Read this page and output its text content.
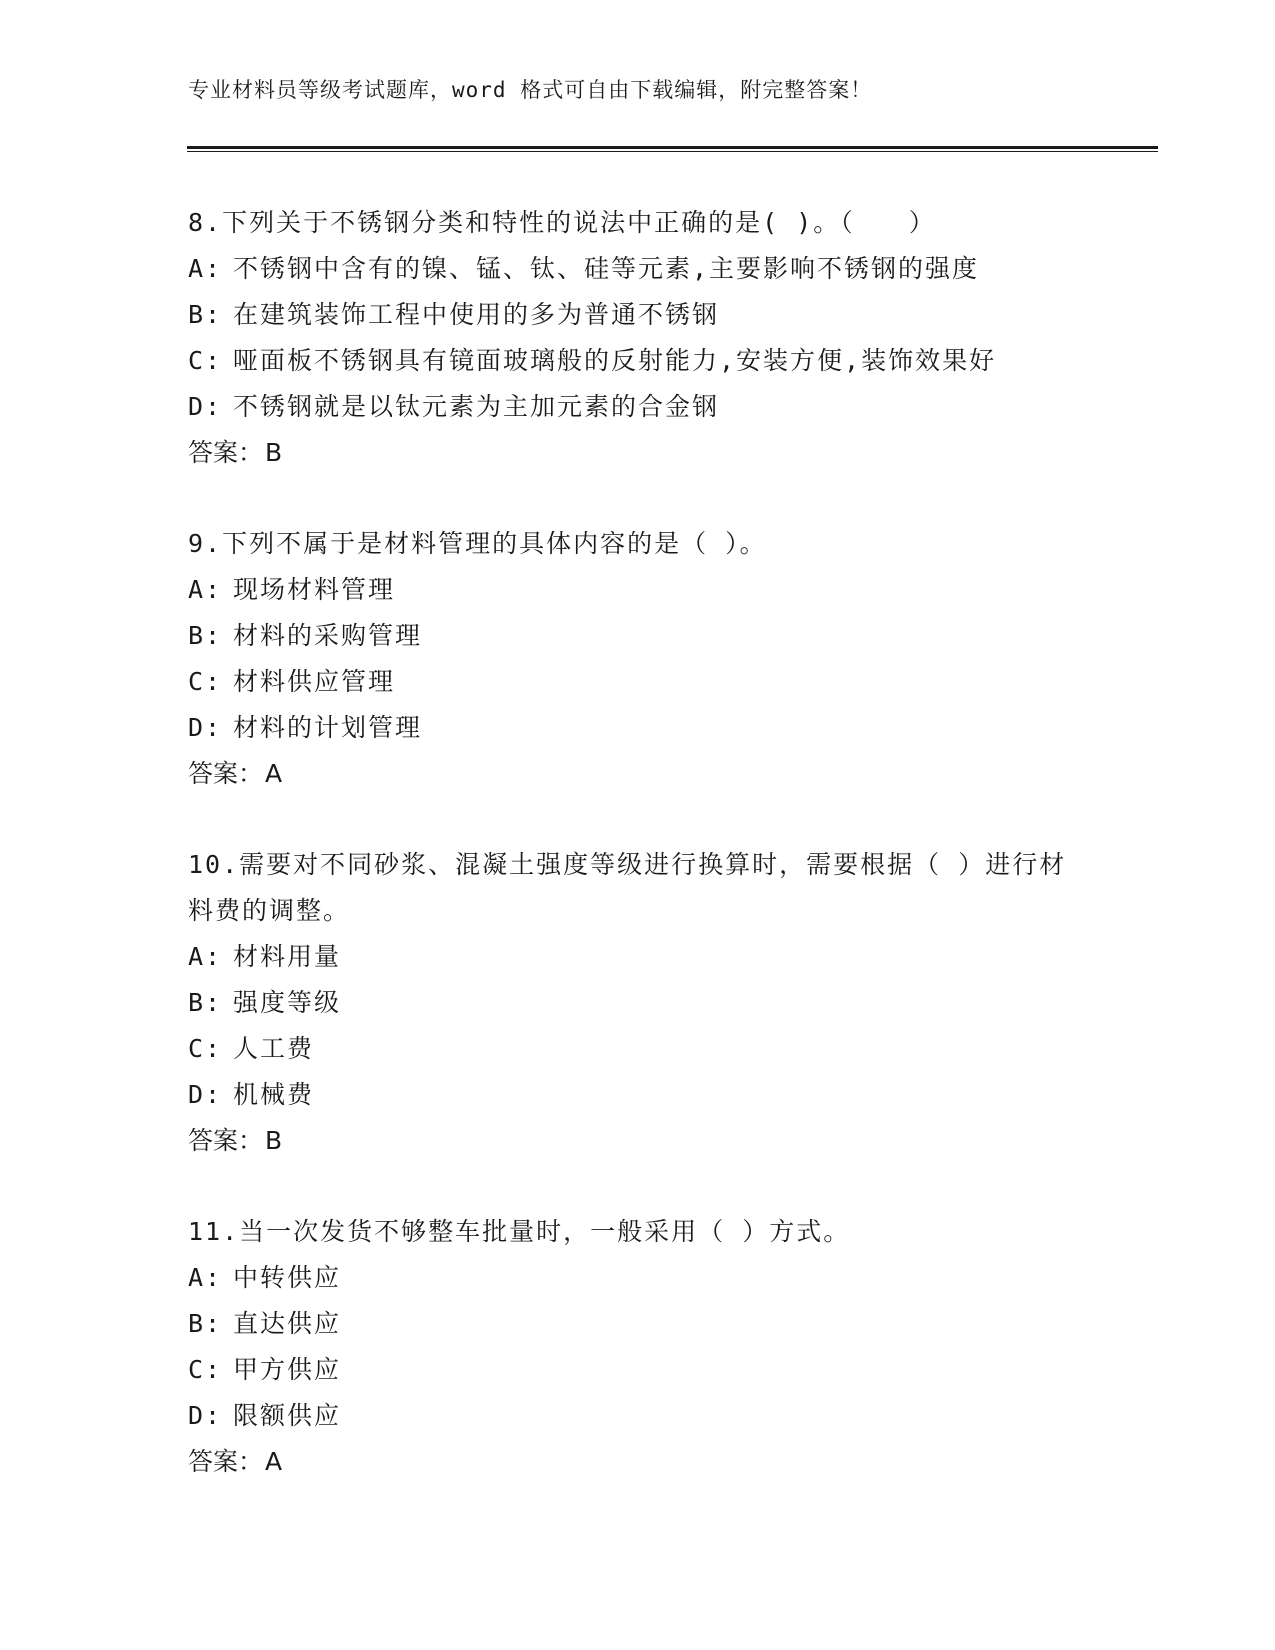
专业材料员等级考试题库，word 格式可自由下载编辑，附完整答案！
8.下列关于不锈钢分类和特性的说法中正确的是( )。（　　）
A: 不锈钢中含有的镍、锰、钛、硅等元素,主要影响不锈钢的强度
B: 在建筑装饰工程中使用的多为普通不锈钢
C: 哑面板不锈钢具有镜面玻璃般的反射能力,安装方便,装饰效果好
D: 不锈钢就是以钛元素为主加元素的合金钢
答案：B
9.下列不属于是材料管理的具体内容的是（ ）。
A: 现场材料管理
B: 材料的采购管理
C: 材料供应管理
D: 材料的计划管理
答案：A
10.需要对不同砂浆、混凝土强度等级进行换算时，需要根据（ ）进行材料费的调整。
A: 材料用量
B: 强度等级
C: 人工费
D: 机械费
答案：B
11.当一次发货不够整车批量时，一般采用（ ）方式。
A: 中转供应
B: 直达供应
C: 甲方供应
D: 限额供应
答案：A
